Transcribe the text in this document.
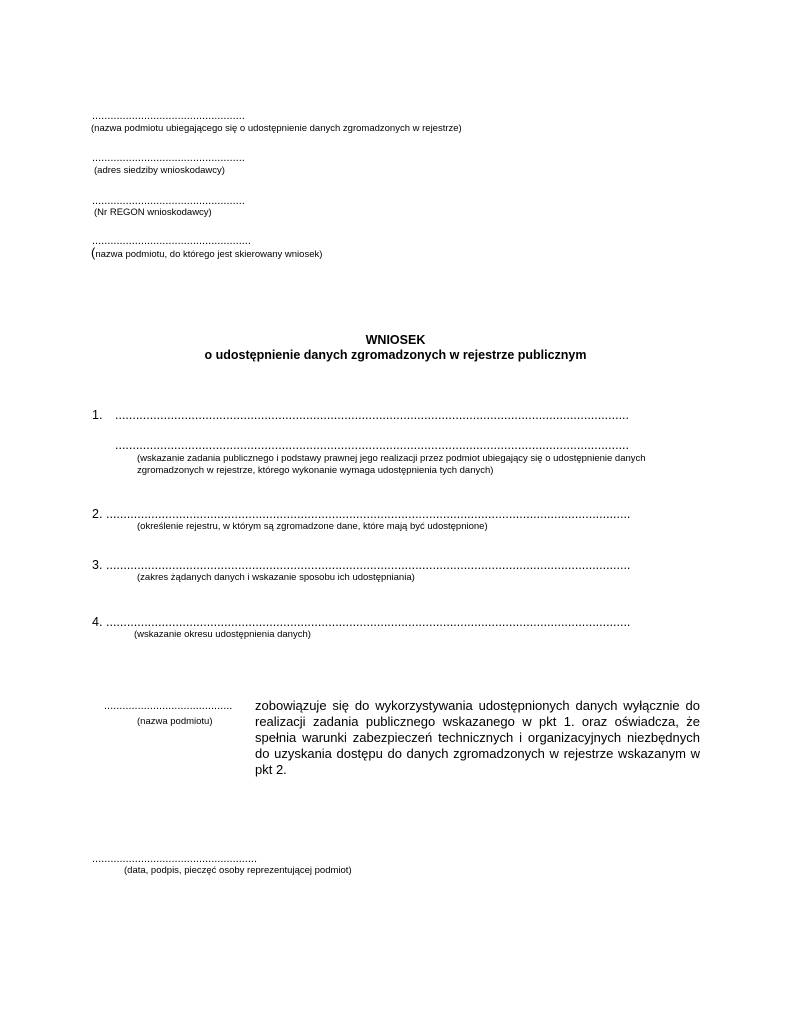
..................................................
(nazwa podmiotu ubiegającego się o udostępnienie danych zgromadzonych w rejestrze)
..................................................
(adres siedziby wnioskodawcy)
..................................................
(Nr REGON wnioskodawcy)
....................................................
(nazwa podmiotu, do którego jest skierowany wniosek)
WNIOSEK
o udostępnienie danych zgromadzonych w rejestrze publicznym
1. ....................................................................................................................................................
....................................................................................................................................................
(wskazanie zadania publicznego i podstawy prawnej jego realizacji przez podmiot ubiegający się o udostępnienie danych
zgromadzonych w rejestrze, którego wykonanie wymaga udostępnienia tych danych)
2. .......................................................................................................................................................
(określenie rejestru, w którym są zgromadzone dane, które mają być udostępnione)
3. .......................................................................................................................................................
(zakres żądanych danych i wskazanie sposobu ich udostępniania)
4. .......................................................................................................................................................
(wskazanie okresu udostępnienia danych)
..........................................
(nazwa podmiotu)
zobowiązuje się do wykorzystywania udostępnionych danych wyłącznie do realizacji zadania publicznego wskazanego w pkt 1. oraz oświadcza, że spełnia warunki zabezpieczeń technicznych i organizacyjnych niezbędnych do uzyskania dostępu do danych zgromadzonych w rejestrze wskazanym w pkt 2.
......................................................
(data, podpis, pieczęć osoby reprezentującej podmiot)
